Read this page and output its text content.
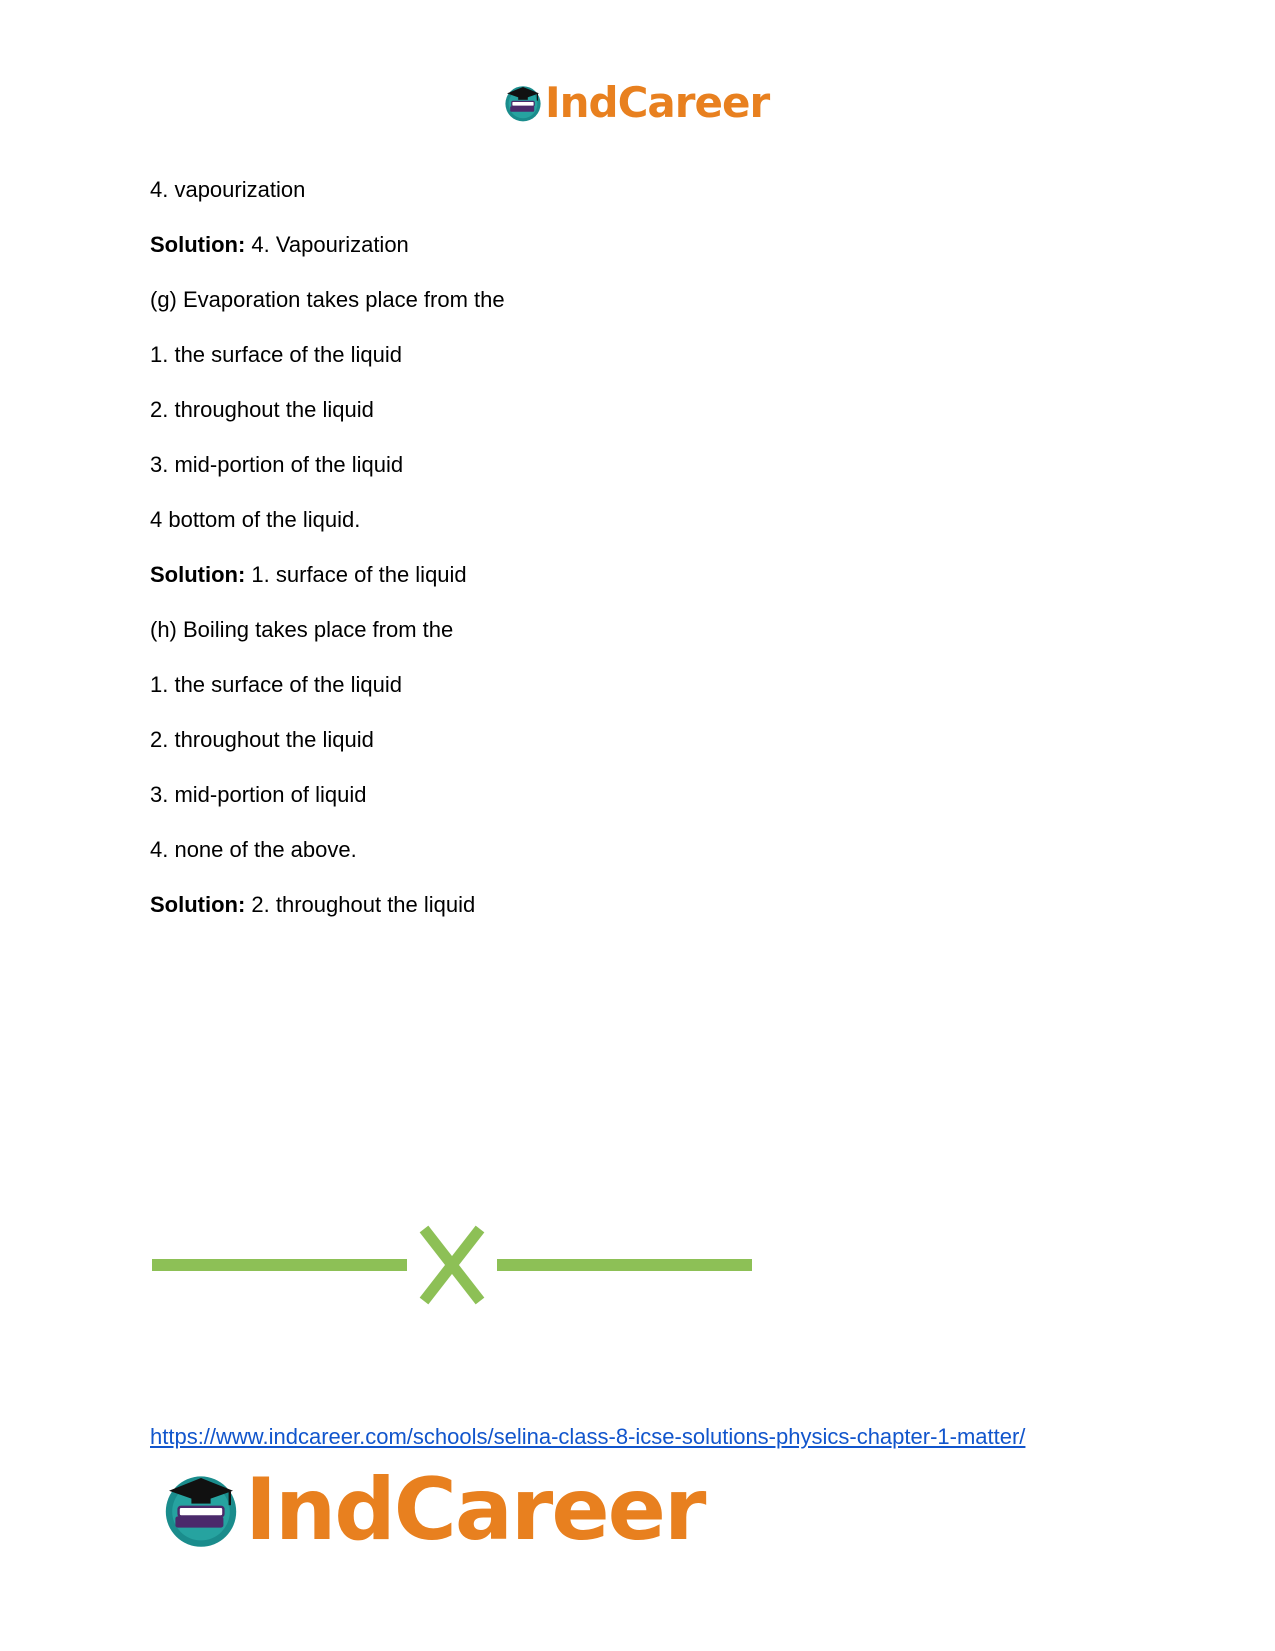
IndCareer
4. vapourization
Solution: 4. Vapourization
(g) Evaporation takes place from the
1. the surface of the liquid
2. throughout the liquid
3. mid-portion of the liquid
4 bottom of the liquid.
Solution: 1. surface of the liquid
(h) Boiling takes place from the
1. the surface of the liquid
2. throughout the liquid
3. mid-portion of liquid
4. none of the above.
Solution: 2. throughout the liquid
https://www.indcareer.com/schools/selina-class-8-icse-solutions-physics-chapter-1-matter/
IndCareer
